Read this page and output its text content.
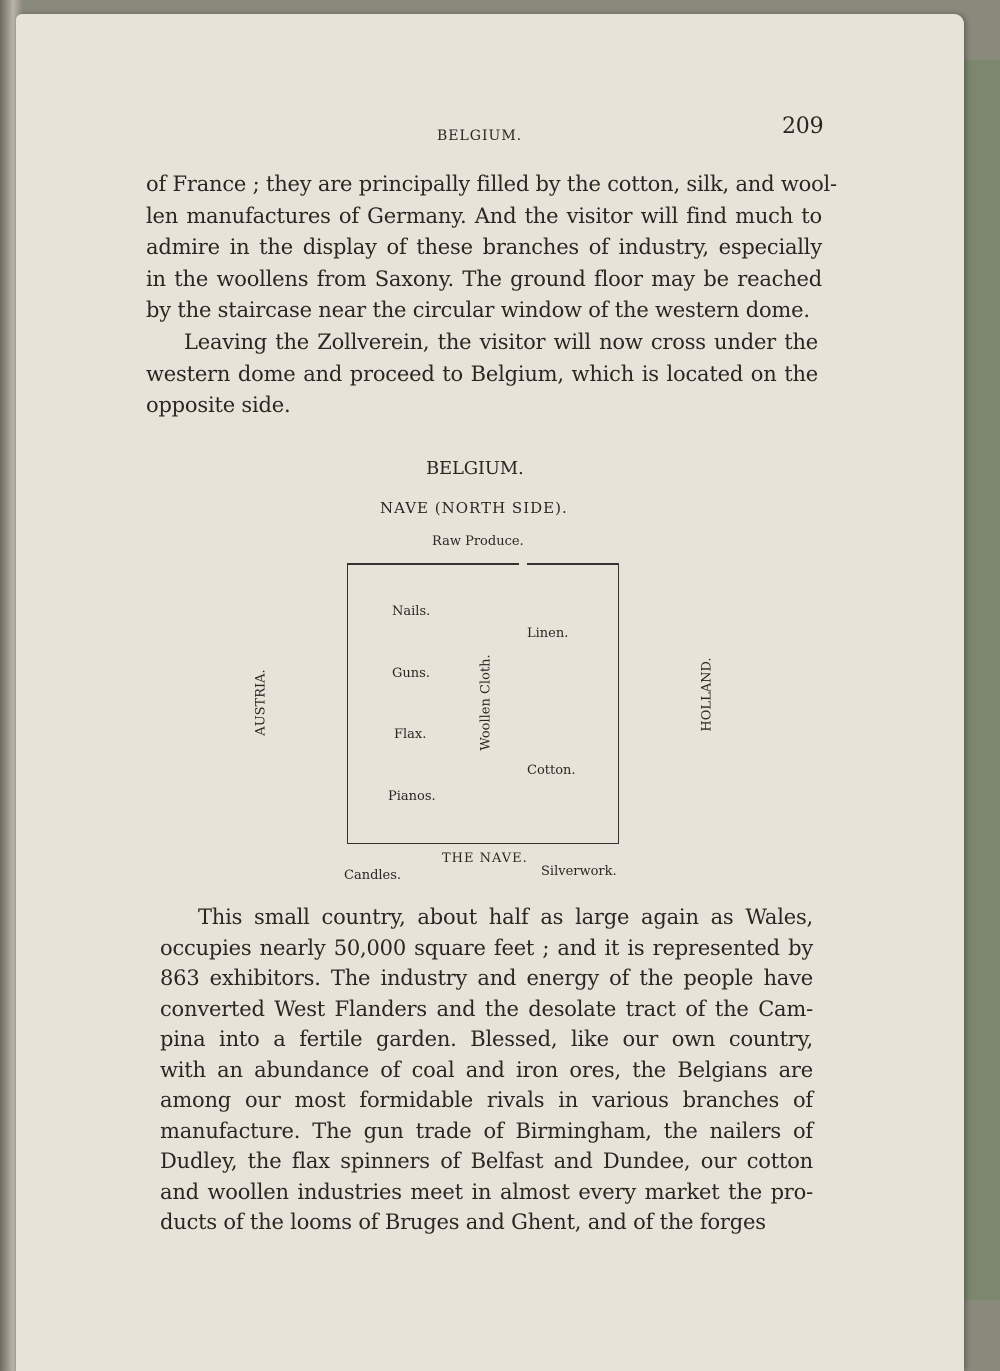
BELGIUM.	209
BELGIUM.
NAVE (NORTH SIDE).
Raw Produce.
AUSTRIA.	HOLLAND.
Woollen Cloth.
Nails.
Guns.
Flax.
Pianos.
Linen.
Cotton.
THE NAVE.
Candles.	Silverwork.
of France ; they are principally filled by the cotton, silk, and wool-
len manufactures of Germany. And the visitor will find much to
admire in the display of these branches of industry, especially
in the woollens from Saxony. The ground floor may be reached
by the staircase near the circular window of the western dome.
Leaving the Zollverein, the visitor will now cross under the
western dome and proceed to Belgium, which is located on the
opposite side.
This small country, about half as large again as Wales,
occupies nearly 50,000 square feet ; and it is represented by
863 exhibitors. The industry and energy of the people have
converted West Flanders and the desolate tract of the Cam-
pina into a fertile garden. Blessed, like our own country,
with an abundance of coal and iron ores, the Belgians are
among our most formidable rivals in various branches of
manufacture. The gun trade of Birmingham, the nailers of
Dudley, the flax spinners of Belfast and Dundee, our cotton
and woollen industries meet in almost every market the pro-
ducts of the looms of Bruges and Ghent, and of the forges
